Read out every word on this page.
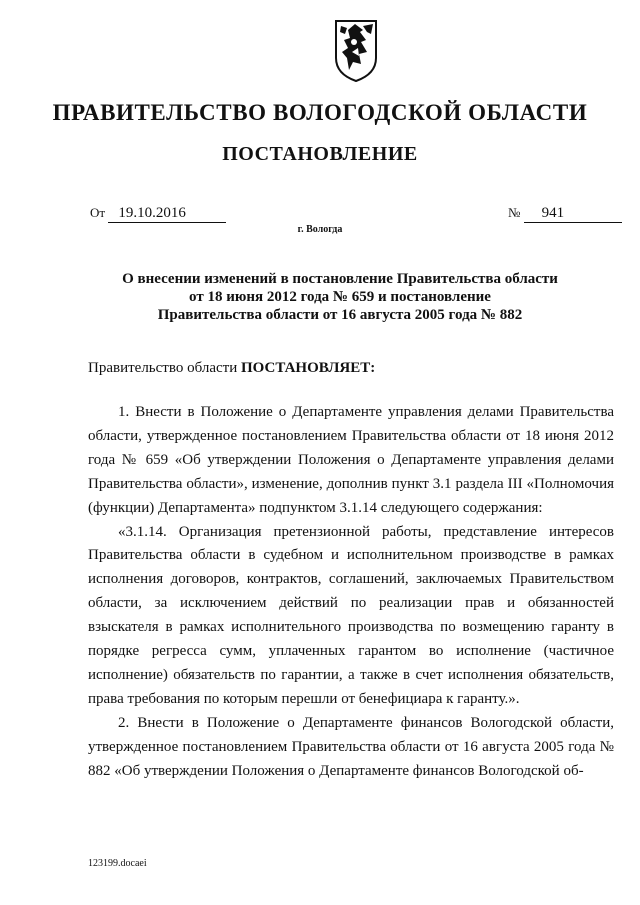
ПРАВИТЕЛЬСТВО ВОЛОГОДСКОЙ ОБЛАСТИ
ПОСТАНОВЛЕНИЕ
От 19.10.2016	№ 941
г. Вологда
О внесении изменений в постановление Правительства области
от 18 июня 2012 года № 659 и постановление
Правительства области от 16 августа 2005 года № 882
Правительство области ПОСТАНОВЛЯЕТ:

1. Внести в Положение о Департаменте управления делами Правительства области, утвержденное постановлением Правительства области от 18 июня 2012 года № 659 «Об утверждении Положения о Департаменте управления делами Правительства области», изменение, дополнив пункт 3.1 раздела III «Полномочия (функции) Департамента» подпунктом 3.1.14 следующего содержания:

«3.1.14. Организация претензионной работы, представление интересов Правительства области в судебном и исполнительном производстве в рамках исполнения договоров, контрактов, соглашений, заключаемых Правительством области, за исключением действий по реализации прав и обязанностей взыскателя в рамках исполнительного производства по возмещению гаранту в порядке регресса сумм, уплаченных гарантом во исполнение (частичное исполнение) обязательств по гарантии, а также в счет исполнения обязательств, права требования по которым перешли от бенефициара к гаранту.».

2. Внести в Положение о Департаменте финансов Вологодской области, утвержденное постановлением Правительства области от 16 августа 2005 года № 882 «Об утверждении Положения о Департаменте финансов Вологодской об-

123199.docaei
